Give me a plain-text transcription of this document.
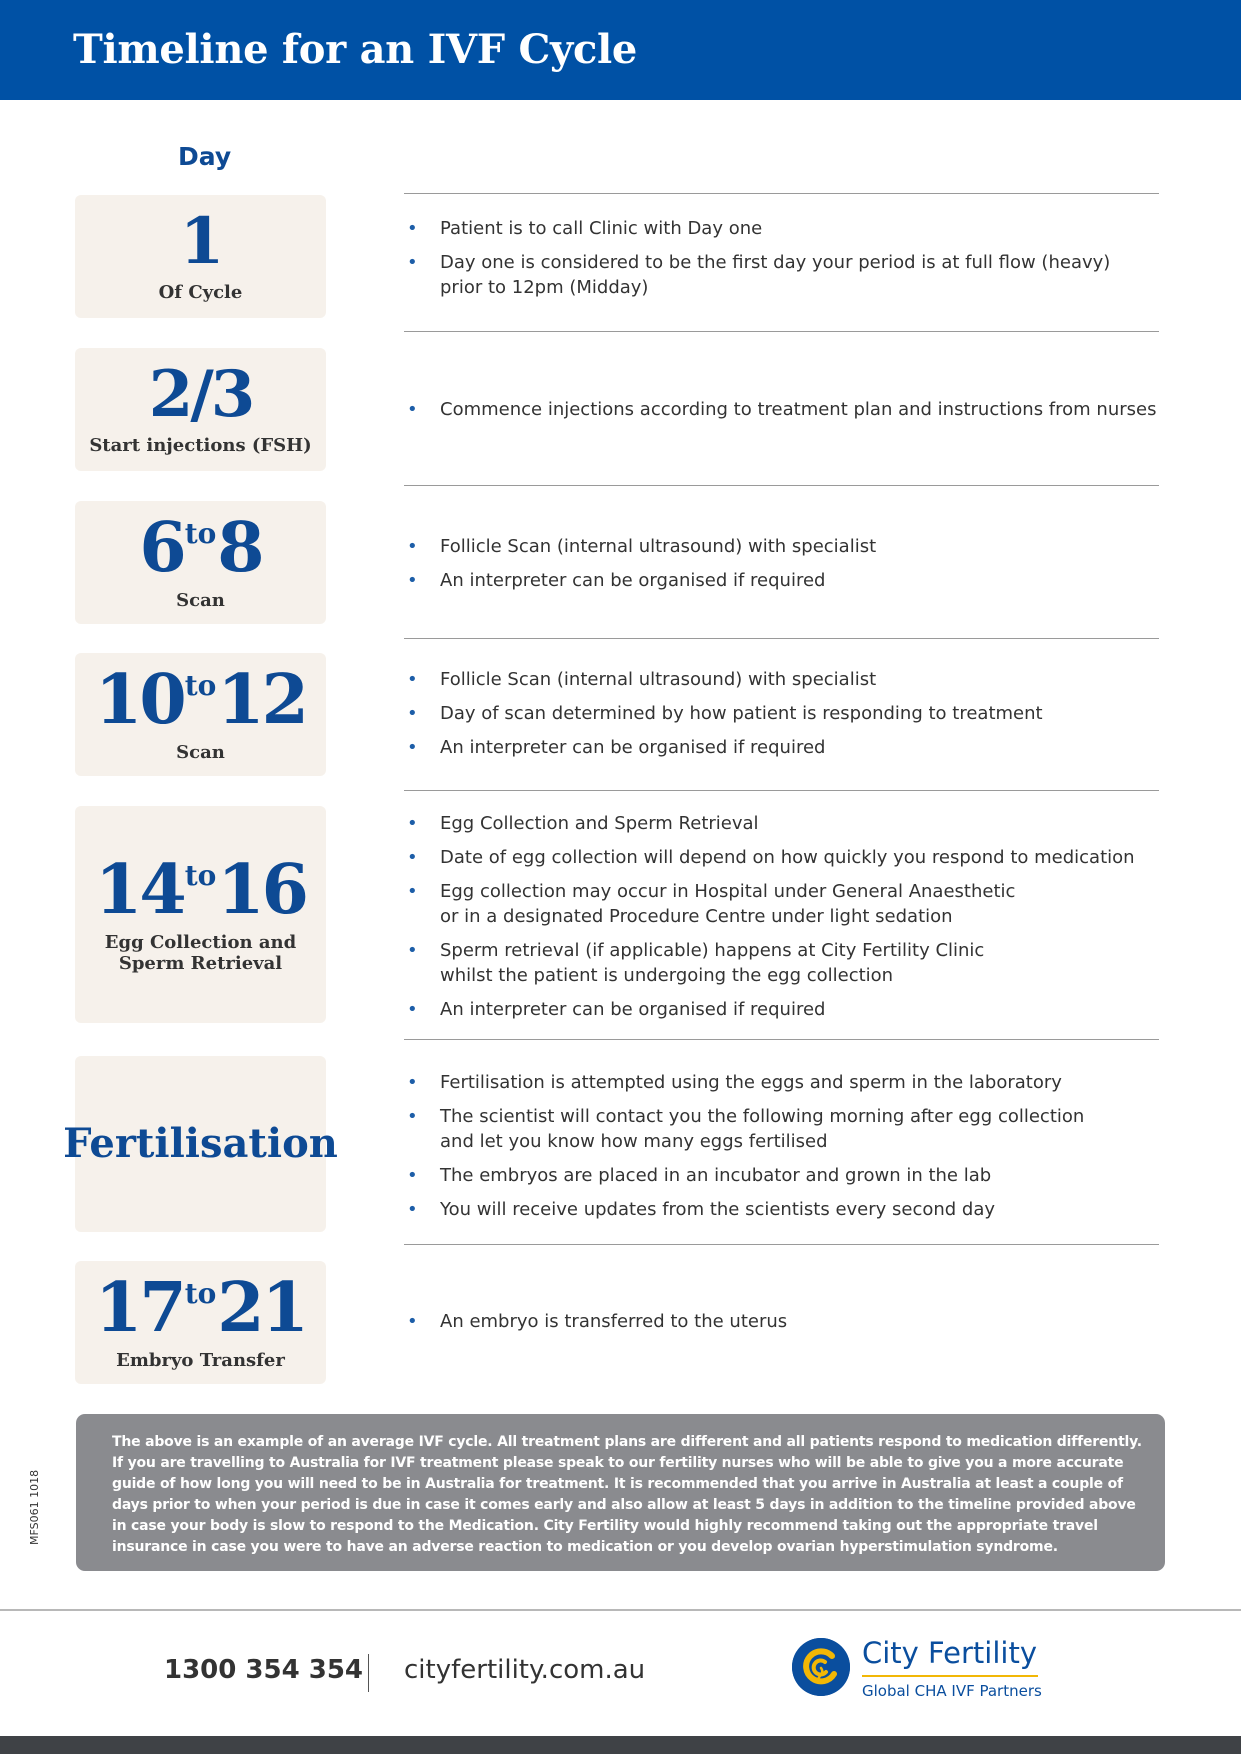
Timeline for an IVF Cycle
Day
1
Of Cycle
• Patient is to call Clinic with Day one
• Day one is considered to be the first day your period is at full flow (heavy)
prior to 12pm (Midday)
2/3
Start injections (FSH)
• Commence injections according to treatment plan and instructions from nurses
$6^{to}8$
Scan
• Follicle Scan (internal ultrasound) with specialist
• An interpreter can be organised if required
$10^{to}12$
Scan
• Follicle Scan (internal ultrasound) with specialist
• Day of scan determined by how patient is responding to treatment
• An interpreter can be organised if required
$14^{to}16$
Egg Collection and
Sperm Retrieval
• Egg Collection and Sperm Retrieval
• Date of egg collection will depend on how quickly you respond to medication
• Egg collection may occur in Hospital under General Anaesthetic
or in a designated Procedure Centre under light sedation
• Sperm retrieval (if applicable) happens at City Fertility Clinic
whilst the patient is undergoing the egg collection
• An interpreter can be organised if required
Fertilisation
• Fertilisation is attempted using the eggs and sperm in the laboratory
• The scientist will contact you the following morning after egg collection
and let you know how many eggs fertilised
• The embryos are placed in an incubator and grown in the lab
• You will receive updates from the scientists every second day
$17^{to}21$
Embryo Transfer
• An embryo is transferred to the uterus

The above is an example of an average IVF cycle. All treatment plans are different and all patients respond to medication differently. If you are travelling to Australia for IVF treatment please speak to our fertility nurses who will be able to give you a more accurate guide of how long you will need to be in Australia for treatment. It is recommended that you arrive in Australia at least a couple of days prior to when your period is due in case it comes early and also allow at least 5 days in addition to the timeline provided above in case your body is slow to respond to the Medication. City Fertility would highly recommend taking out the appropriate travel insurance in case you were to have an adverse reaction to medication or you develop ovarian hyperstimulation syndrome.

MFS061 1018
1300 354 354 cityfertility.com.au	City Fertility
Global CHA IVF Partners
